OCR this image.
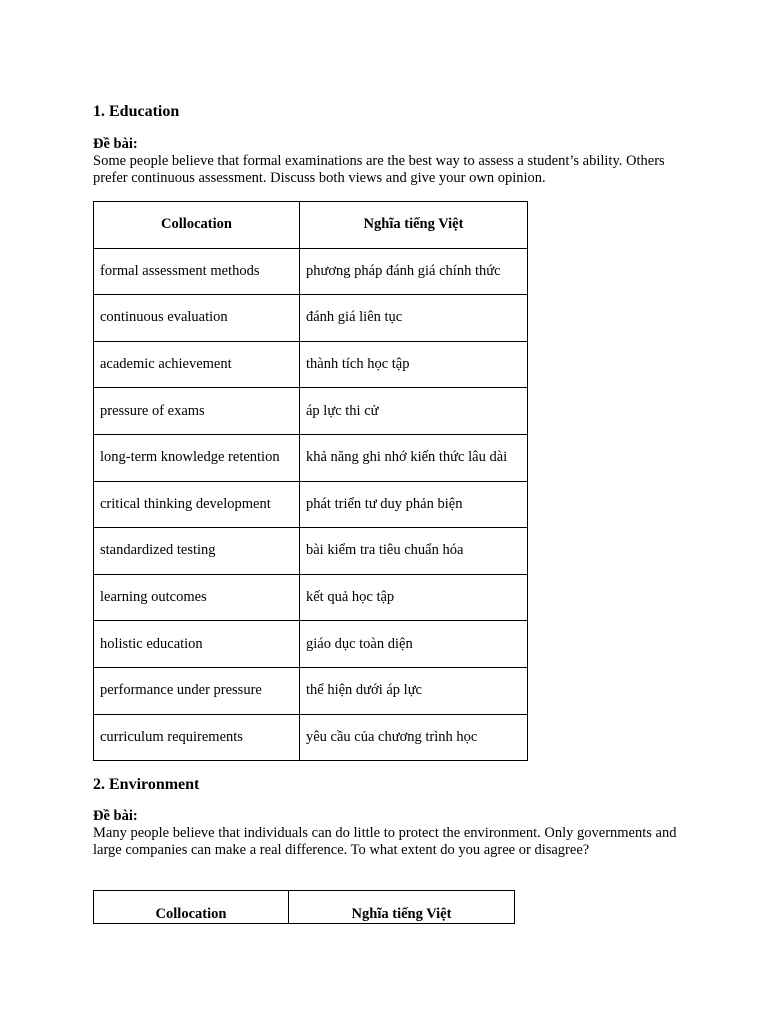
1. Education
Đề bài:
Some people believe that formal examinations are the best way to assess a student’s ability. Others prefer continuous assessment. Discuss both views and give your own opinion.
Collocation	Nghĩa tiếng Việt
formal assessment methods	phương pháp đánh giá chính thức
continuous evaluation	đánh giá liên tục
academic achievement	thành tích học tập
pressure of exams	áp lực thi cử
long-term knowledge retention	khả năng ghi nhớ kiến thức lâu dài
critical thinking development	phát triển tư duy phản biện
standardized testing	bài kiểm tra tiêu chuẩn hóa
learning outcomes	kết quả học tập
holistic education	giáo dục toàn diện
performance under pressure	thể hiện dưới áp lực
curriculum requirements	yêu cầu của chương trình học
2. Environment
Đề bài:
Many people believe that individuals can do little to protect the environment. Only governments and large companies can make a real difference. To what extent do you agree or disagree?
Collocation	Nghĩa tiếng Việt
